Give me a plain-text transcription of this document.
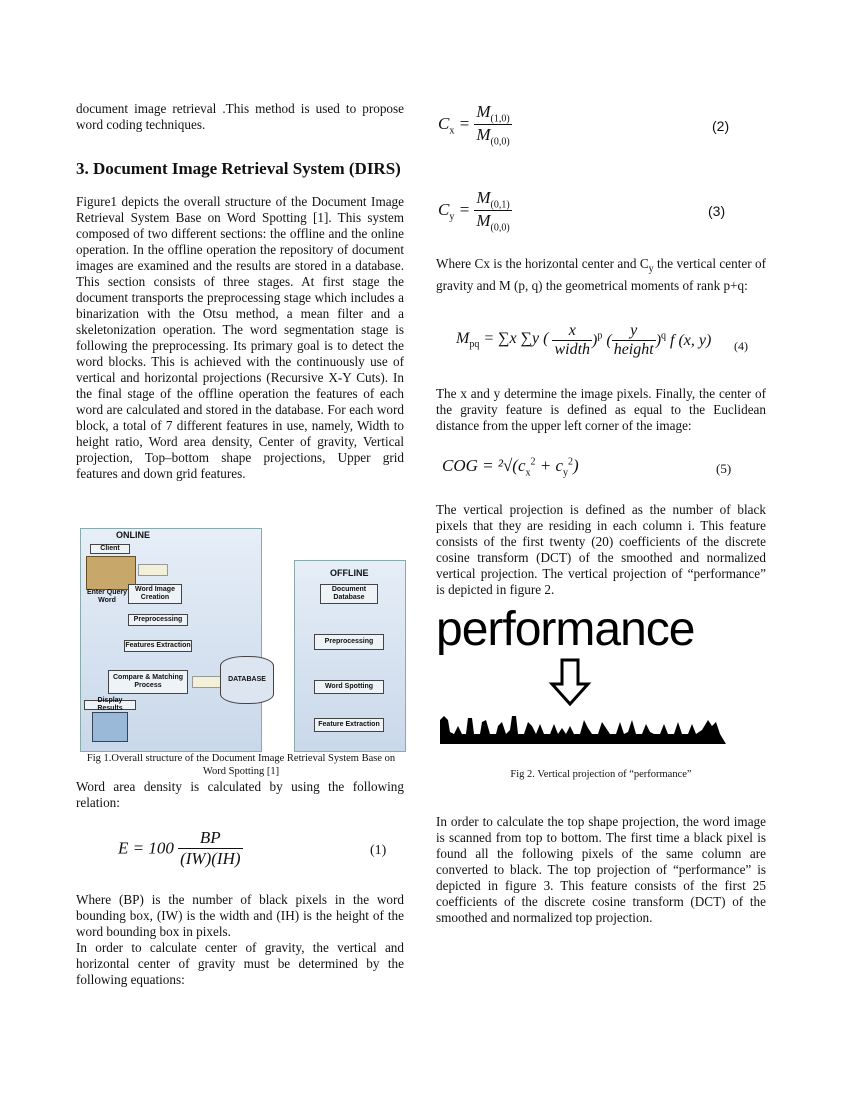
document image retrieval .This method is used to propose word coding techniques.

3. Document Image Retrieval System (DIRS)

Figure1 depicts the overall structure of the Document Image Retrieval System Base on Word Spotting [1]. This system composed of two different sections: the offline and the online operation. In the offline operation the repository of document images are examined and the results are stored in a database. This section consists of three stages. At first stage the document transports the preprocessing stage which includes a binarization with the Otsu method, a mean filter and a skeletonization operation. The word segmentation stage is following the preprocessing. Its primary goal is to detect the word blocks. This is achieved with the continuously use of vertical and horizontal projections (Recursive X-Y Cuts). In the final stage of the offline operation the features of each word are calculated and stored in the database. For each word block, a total of 7 different features in use, namely, Width to height ratio, Word area density, Center of gravity, Vertical projection, Top–bottom shape projections, Upper grid features and down grid features.

ONLINE
Client
Enter Query Word
Word Image Creation
Preprocessing
Features Extraction
Compare & Matching Process
Display Results
DATABASE
OFFLINE
Document Database
Preprocessing
Word Spotting
Feature Extraction
Fig 1.Overall structure of the Document Image Retrieval System Base on Word Spotting [1]

Word area density is calculated by using the following relation:

$E = 100 \frac{BP}{(IW)(IH)}$	(1)

Where (BP) is the number of black pixels in the word bounding box, (IW) is the width and (IH) is the height of the word bounding box in pixels.

In order to calculate center of gravity, the vertical and horizontal center of gravity must be determined by the following equations:

$C_x = \frac{M_{(1,0)}}{M_{(0,0)}}$	(2)
$C_y = \frac{M_{(0,1)}}{M_{(0,0)}}$	(3)

Where Cx is the horizontal center and $C_y$ the vertical center of gravity and M (p, q) the geometrical moments of rank p+q:

$M_{pq} = \sum x$ ∑y ( $\frac{x}{\text{width}} )^p$ ( $\frac{y}{\text{height}} )^q$ f (x, y) (4)

The x and y determine the image pixels. Finally, the center of the gravity feature is defined as equal to the Euclidean distance from the upper left corner of the image:

COG = $^2√(c_x^2 + c_y^2)$	(5)

The vertical projection is defined as the number of black pixels that they are residing in each column i. This feature consists of the first twenty (20) coefficients of the discrete cosine transform (DCT) of the smoothed and normalized vertical projection. The vertical projection of “performance” is depicted in figure 2.

performance
Fig 2. Vertical projection of “performance”

In order to calculate the top shape projection, the word image is scanned from top to bottom. The first time a black pixel is found all the following pixels of the same column are converted to black. The top projection of “performance” is depicted in figure 3. This feature consists of the first 25 coefficients of the discrete cosine transform (DCT) of the smoothed and normalized top projection.
